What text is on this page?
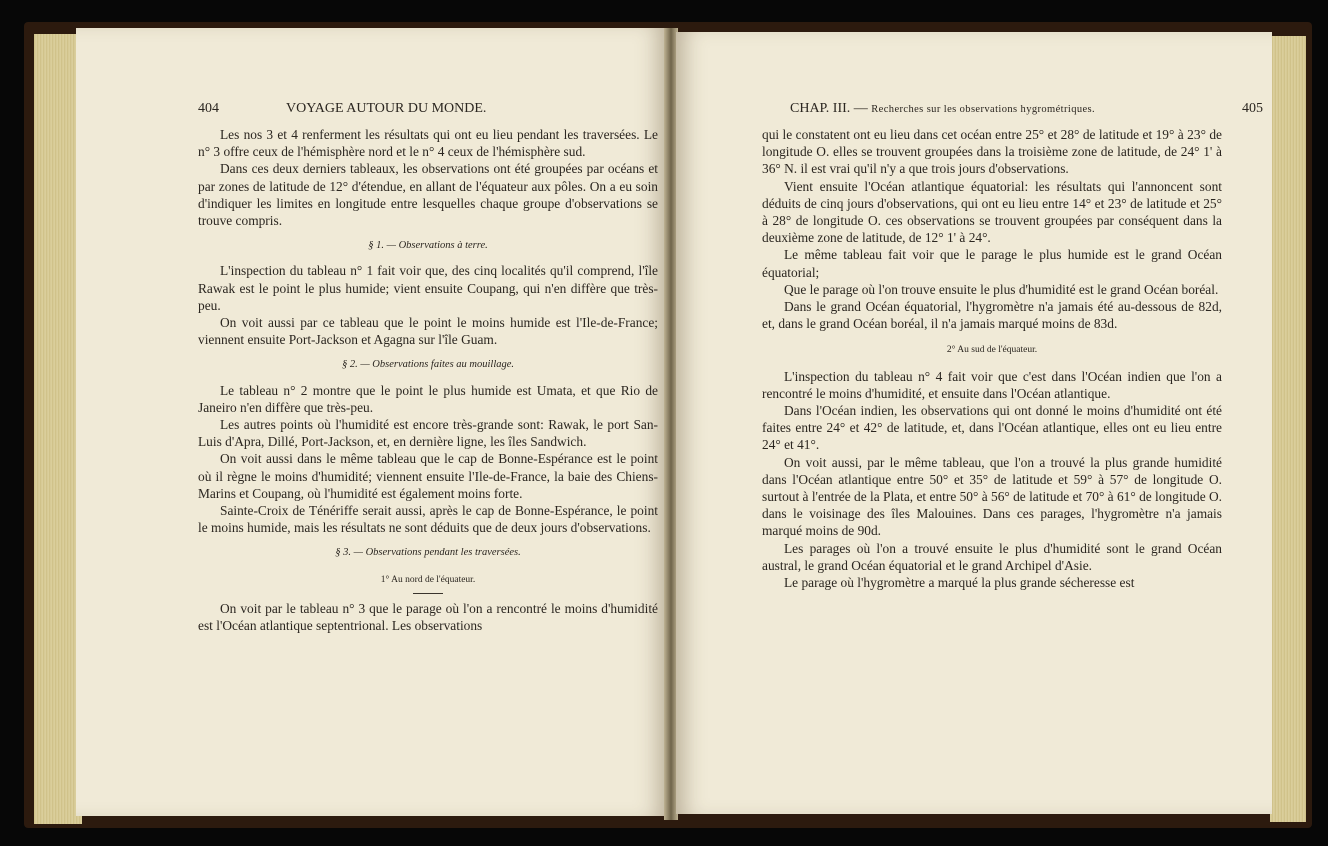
404	VOYAGE AUTOUR DU MONDE.

Les nos 3 et 4 renferment les résultats qui ont eu lieu pendant les traversées. Le n° 3 offre ceux de l'hémisphère nord et le n° 4 ceux de l'hémisphère sud.

Dans ces deux derniers tableaux, les observations ont été groupées par océans et par zones de latitude de 12° d'étendue, en allant de l'équateur aux pôles. On a eu soin d'indiquer les limites en longitude entre lesquelles chaque groupe d'observations se trouve compris.

§ 1. — Observations à terre.

L'inspection du tableau n° 1 fait voir que, des cinq localités qu'il comprend, l'île Rawak est le point le plus humide; vient ensuite Coupang, qui n'en diffère que très-peu.

On voit aussi par ce tableau que le point le moins humide est l'Ile-de-France; viennent ensuite Port-Jackson et Agagna sur l'île Guam.

§ 2. — Observations faites au mouillage.

Le tableau n° 2 montre que le point le plus humide est Umata, et que Rio de Janeiro n'en diffère que très-peu.

Les autres points où l'humidité est encore très-grande sont: Rawak, le port San-Luis d'Apra, Dillé, Port-Jackson, et, en dernière ligne, les îles Sandwich.

On voit aussi dans le même tableau que le cap de Bonne-Espérance est le point où il règne le moins d'humidité; viennent ensuite l'Ile-de-France, la baie des Chiens-Marins et Coupang, où l'humidité est également moins forte.

Sainte-Croix de Ténériffe serait aussi, après le cap de Bonne-Espérance, le point le moins humide, mais les résultats ne sont déduits que de deux jours d'observations.

§ 3. — Observations pendant les traversées.

1° Au nord de l'équateur.

On voit par le tableau n° 3 que le parage où l'on a rencontré le moins d'humidité est l'Océan atlantique septentrional. Les observations

CHAP. III. — Recherches sur les observations hygrométriques.	405

qui le constatent ont eu lieu dans cet océan entre 25° et 28° de latitude et 19° à 23° de longitude O. elles se trouvent groupées dans la troisième zone de latitude, de 24° 1' à 36° N. il est vrai qu'il n'y a que trois jours d'observations.

Vient ensuite l'Océan atlantique équatorial: les résultats qui l'annoncent sont déduits de cinq jours d'observations, qui ont eu lieu entre 14° et 23° de latitude et 25° à 28° de longitude O. ces observations se trouvent groupées par conséquent dans la deuxième zone de latitude, de 12° 1' à 24°.

Le même tableau fait voir que le parage le plus humide est le grand Océan équatorial;

Que le parage où l'on trouve ensuite le plus d'humidité est le grand Océan boréal.

Dans le grand Océan équatorial, l'hygromètre n'a jamais été au-dessous de 82d, et, dans le grand Océan boréal, il n'a jamais marqué moins de 83d.

2° Au sud de l'équateur.

L'inspection du tableau n° 4 fait voir que c'est dans l'Océan indien que l'on a rencontré le moins d'humidité, et ensuite dans l'Océan atlantique.

Dans l'Océan indien, les observations qui ont donné le moins d'humidité ont été faites entre 24° et 42° de latitude, et, dans l'Océan atlantique, elles ont eu lieu entre 24° et 41°.

On voit aussi, par le même tableau, que l'on a trouvé la plus grande humidité dans l'Océan atlantique entre 50° et 35° de latitude et 59° à 57° de longitude O. surtout à l'entrée de la Plata, et entre 50° à 56° de latitude et 70° à 61° de longitude O. dans le voisinage des îles Malouines. Dans ces parages, l'hygromètre n'a jamais marqué moins de 90d.

Les parages où l'on a trouvé ensuite le plus d'humidité sont le grand Océan austral, le grand Océan équatorial et le grand Archipel d'Asie.

Le parage où l'hygromètre a marqué la plus grande sécheresse est
